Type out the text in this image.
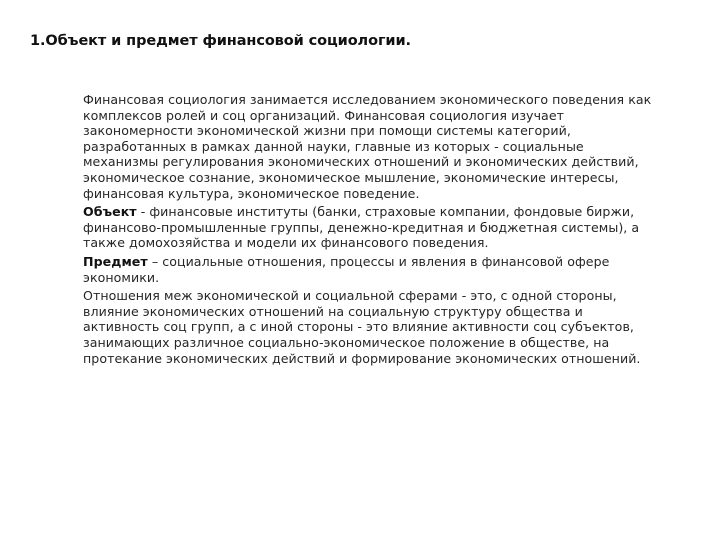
1.Объект и предмет финансовой социологии.
Финансовая социология занимается исследованием экономического поведения как
комплексов ролей и соц организаций. Финансовая социология изучает
закономерности экономической жизни при помощи системы категорий,
разработанных в рамках данной науки, главные из которых - социальные
механизмы регулирования экономических отношений и экономических действий,
экономическое сознание, экономическое мышление, экономические интересы,
финансовая культура, экономическое поведение.
Объект - финансовые институты (банки, страховые компании, фондовые биржи,
финансово-промышленные группы, денежно-кредитная и бюджетная системы), а
также домохозяйства и модели их финансового поведения.
Предмет – социальные отношения, процессы и явления в финансовой офере
экономики.
Отношения меж экономической и социальной сферами - это, с одной стороны,
влияние экономических отношений на социальную структуру общества и
активность соц групп, а с иной стороны - это влияние активности соц субъектов,
занимающих различное социально-экономическое положение в обществе, на
протекание экономических действий и формирование экономических отношений.
